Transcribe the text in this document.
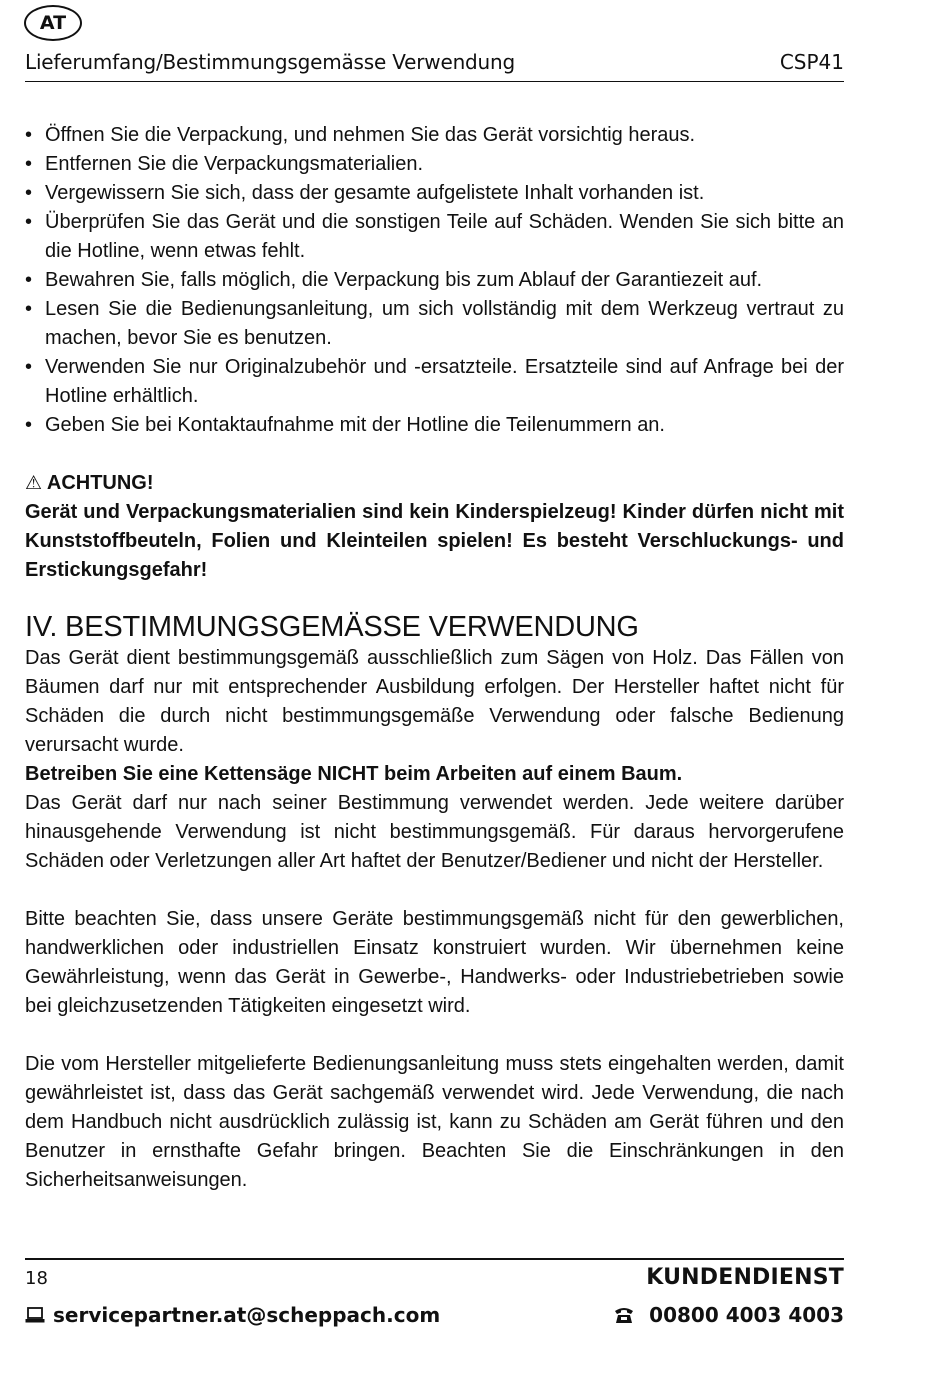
AT
Lieferumfang/Bestimmungsgemässe Verwendung	CSP41
• Öffnen Sie die Verpackung, und nehmen Sie das Gerät vorsichtig heraus.
• Entfernen Sie die Verpackungsmaterialien.
• Vergewissern Sie sich, dass der gesamte aufgelistete Inhalt vorhanden ist.
• Überprüfen Sie das Gerät und die sonstigen Teile auf Schäden. Wenden Sie sich bitte an die Hotline, wenn etwas fehlt.
• Bewahren Sie, falls möglich, die Verpackung bis zum Ablauf der Garantiezeit auf.
• Lesen Sie die Bedienungsanleitung, um sich vollständig mit dem Werkzeug vertraut zu machen, bevor Sie es benutzen.
• Verwenden Sie nur Originalzubehör und -ersatzteile. Ersatzteile sind auf Anfrage bei der Hotline erhältlich.
• Geben Sie bei Kontaktaufnahme mit der Hotline die Teilenummern an.
⚠ ACHTUNG!
Gerät und Verpackungsmaterialien sind kein Kinderspielzeug! Kinder dürfen nicht mit Kunststoffbeuteln, Folien und Kleinteilen spielen! Es besteht Verschluckungs- und Erstickungsgefahr!
IV. BESTIMMUNGSGEMÄSSE VERWENDUNG

Das Gerät dient bestimmungsgemäß ausschließlich zum Sägen von Holz. Das Fällen von Bäumen darf nur mit entsprechender Ausbildung erfolgen. Der Hersteller haftet nicht für Schäden die durch nicht bestimmungsgemäße Verwendung oder falsche Bedienung verursacht wurde.

Betreiben Sie eine Kettensäge NICHT beim Arbeiten auf einem Baum.

Das Gerät darf nur nach seiner Bestimmung verwendet werden. Jede weitere darüber hinausgehende Verwendung ist nicht bestimmungsgemäß. Für daraus hervorgerufene Schäden oder Verletzungen aller Art haftet der Benutzer/Bediener und nicht der Hersteller.

Bitte beachten Sie, dass unsere Geräte bestimmungsgemäß nicht für den gewerblichen, handwerklichen oder industriellen Einsatz konstruiert wurden. Wir übernehmen keine Gewährleistung, wenn das Gerät in Gewerbe-, Handwerks- oder Industriebetrieben sowie bei gleichzusetzenden Tätigkeiten eingesetzt wird.

Die vom Hersteller mitgelieferte Bedienungsanleitung muss stets eingehalten werden, damit gewährleistet ist, dass das Gerät sachgemäß verwendet wird. Jede Verwendung, die nach dem Handbuch nicht ausdrücklich zulässig ist, kann zu Schäden am Gerät führen und den Benutzer in ernsthafte Gefahr bringen. Beachten Sie die Einschränkungen in den Sicherheitsanweisungen.

18	KUNDENDIENST
servicepartner.at@scheppach.com	00800 4003 4003
